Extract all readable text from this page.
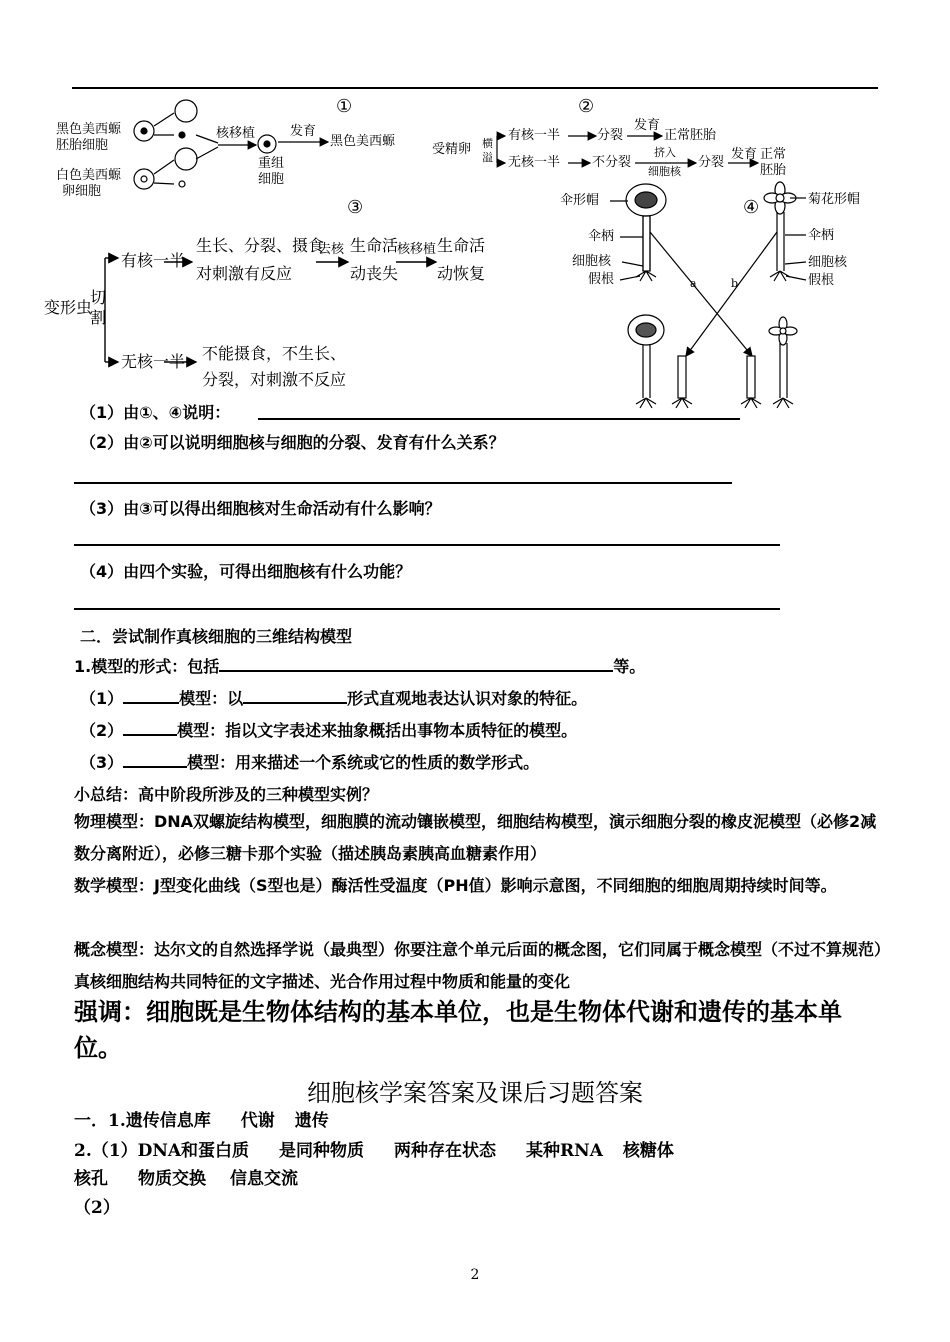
①	②
③	④
黑色美西螈
胚胎细胞
白色美西螈
卵细胞
核移植	发育
黑色美西螈
重组
细胞
受精卵 横
溢
有核一半	分裂
发育
正常胚胎
无核一半 不分裂
挤入
细胞核
分裂
发育 正常
胚胎
变形虫
切
割
有核一半
生长、分裂、摄食
对刺激有反应
去核 生命活
动丧失
核移植 生命活
动恢复
无核一半 不能摄食，不生长、
分裂，对刺激不反应
伞形帽
伞柄
细胞核
假根
菊花形帽
伞柄
细胞核
假根
a	b
（1）由①、④说明：
（2）由②可以说明细胞核与细胞的分裂、发育有什么关系？
（3）由③可以得出细胞核对生命活动有什么影响？
（4）由四个实验，可得出细胞核有什么功能？
二．尝试制作真核细胞的三维结构模型
1.模型的形式：包括	等。
（1）	模型：以	形式直观地表达认识对象的特征。
（2）	模型：指以文字表述来抽象概括出事物本质特征的模型。
（3）	模型：用来描述一个系统或它的性质的数学形式。
小总结：高中阶段所涉及的三种模型实例？
物理模型：DNA双螺旋结构模型，细胞膜的流动镶嵌模型，细胞结构模型，演示细胞分裂的橡皮泥模型（必修2减数分离附近），必修三糖卡那个实验（描述胰岛素胰高血糖素作用）
数学模型：J型变化曲线（S型也是）酶活性受温度（PH值）影响示意图，不同细胞的细胞周期持续时间等。
概念模型：达尔文的自然选择学说（最典型）你要注意个单元后面的概念图，它们同属于概念模型（不过不算规范）真核细胞结构共同特征的文字描述、光合作用过程中物质和能量的变化
强调：细胞既是生物体结构的基本单位，也是生物体代谢和遗传的基本单位。
细胞核学案答案及课后习题答案
一．1.遗传信息库 代谢 遗传
2.（1）DNA和蛋白质 是同种物质 两种存在状态 某种RNA 核糖体
核孔 物质交换 信息交流
（2）
2
